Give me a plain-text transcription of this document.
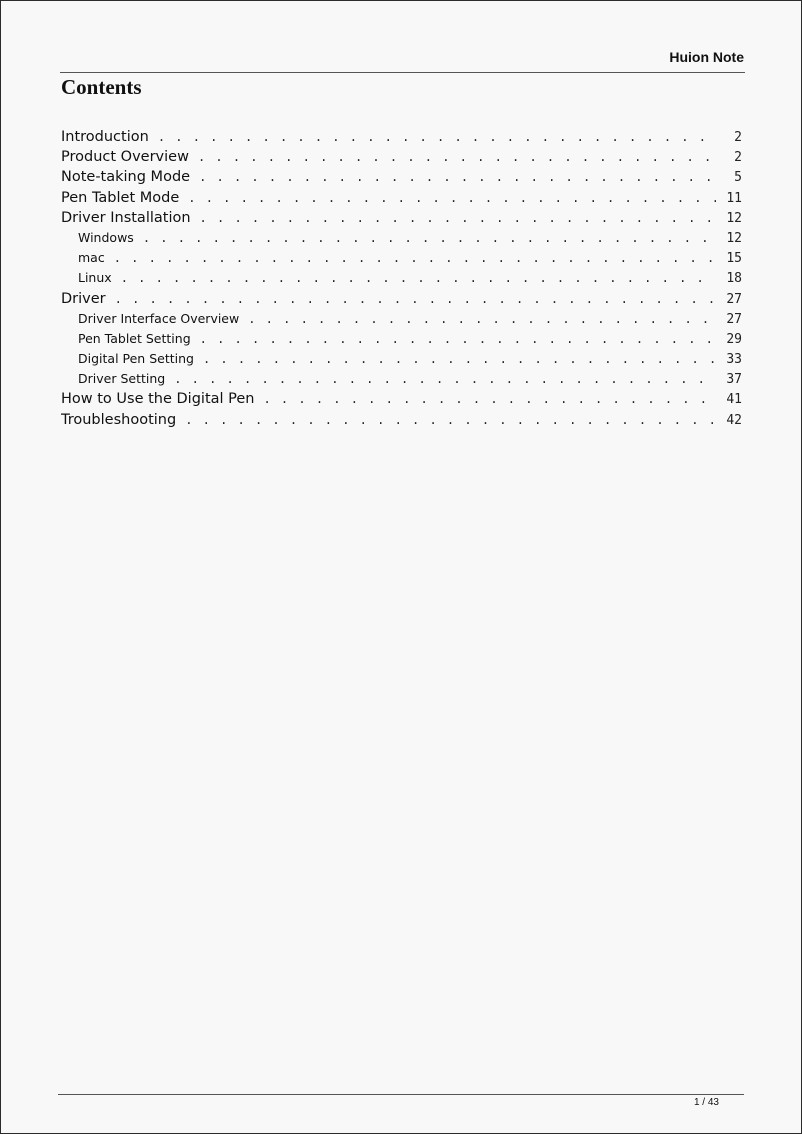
Huion Note
Contents
Introduction . . .	2
Product Overview . . .	2
Note-taking Mode . . .	5
Pen Tablet Mode . . .	11
Driver Installation . . .	12
Windows . . .	12
mac . . .	15
Linux . . .	18
Driver . . .	27
Driver Interface Overview . . .	27
Pen Tablet Setting . . .	29
Digital Pen Setting . . .	33
Driver Setting . . .	37
How to Use the Digital Pen . . .	41
Troubleshooting . . .	42
1 / 43
